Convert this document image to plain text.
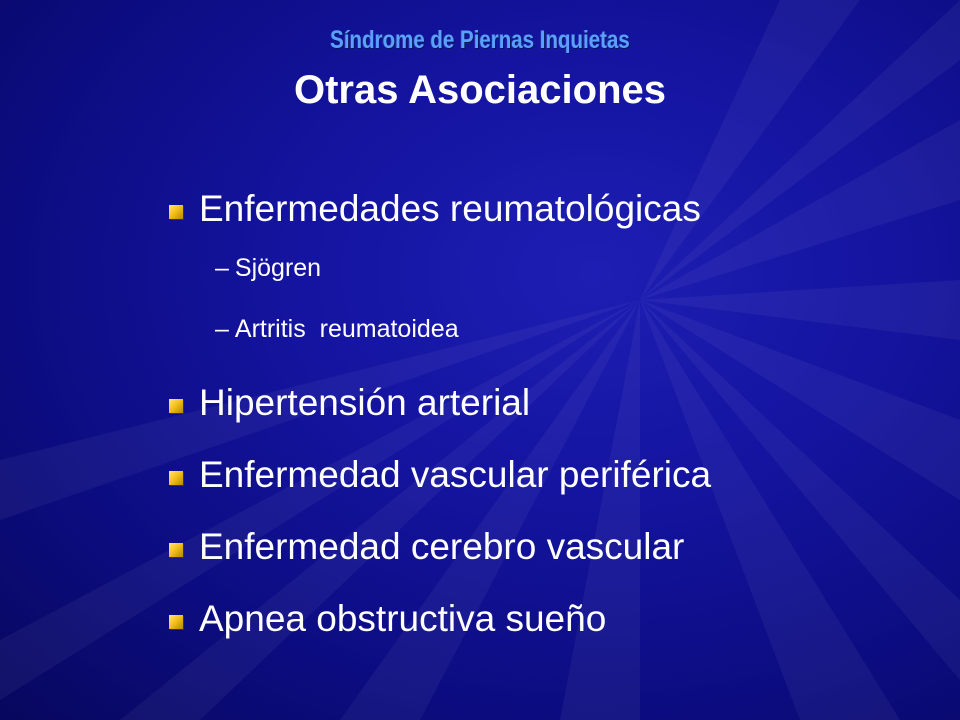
Síndrome de Piernas Inquietas
Otras Asociaciones
Enfermedades reumatológicas
– Sjögren
– Artritis  reumatoidea
Hipertensión arterial
Enfermedad vascular periférica
Enfermedad cerebro vascular
Apnea obstructiva sueño
